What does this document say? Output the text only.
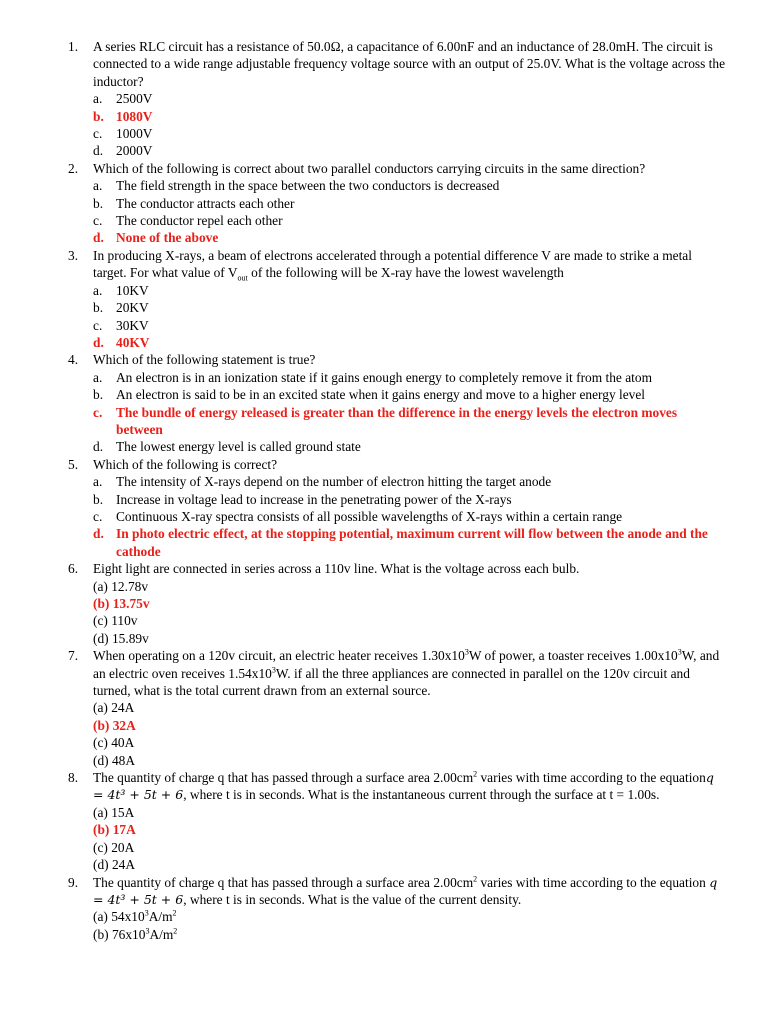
1. A series RLC circuit has a resistance of 50.0Ω, a capacitance of 6.00nF and an inductance of 28.0mH. The circuit is connected to a wide range adjustable frequency voltage source with an output of 25.0V. What is the voltage across the inductor?
a. 2500V
b. 1080V
c. 1000V
d. 2000V
2. Which of the following is correct about two parallel conductors carrying circuits in the same direction?
a. The field strength in the space between the two conductors is decreased
b. The conductor attracts each other
c. The conductor repel each other
d. None of the above
3. In producing X-rays, a beam of electrons accelerated through a potential difference V are made to strike a metal target. For what value of $V_{out}$ of the following will be X-ray have the lowest wavelength
a. 10KV
b. 20KV
c. 30KV
d. 40KV
4. Which of the following statement is true?
a. An electron is in an ionization state if it gains enough energy to completely remove it from the atom
b. An electron is said to be in an excited state when it gains energy and move to a higher energy level
c. The bundle of energy released is greater than the difference in the energy levels the electron moves between
d. The lowest energy level is called ground state
5. Which of the following is correct?
a. The intensity of X-rays depend on the number of electron hitting the target anode
b. Increase in voltage lead to increase in the penetrating power of the X-rays
c. Continuous X-ray spectra consists of all possible wavelengths of X-rays within a certain range
d. In photo electric effect, at the stopping potential, maximum current will flow between the anode and the cathode
6. Eight light are connected in series across a 110v line. What is the voltage across each bulb.
(a) 12.78v
(b) 13.75v
(c) 110v
(d) 15.89v
7. When operating on a 120v circuit, an electric heater receives $1.30x10^3W$ of power, a toaster receives $1.00x10^3W$, and an electric oven receives $1.54x10^3W$. if all the three appliances are connected in parallel on the 120v circuit and turned, what is the total current drawn from an external source.
(a) 24A
(b) 32A
(c) 40A
(d) 48A
8. The quantity of charge q that has passed through a surface area $2.00cm^2$ varies with time according to the equationq = 4t³ + 5t + 6, where t is in seconds. What is the instantaneous current through the surface at t = 1.00s.
(a) 15A
(b) 17A
(c) 20A
(d) 24A
9. The quantity of charge q that has passed through a surface area $2.00cm^2$ varies with time according to the equation q = 4t³ + 5t + 6, where t is in seconds. What is the value of the current density.
(a) $54x10^3A/m^2$
(b) $76x10^3A/m^2$
